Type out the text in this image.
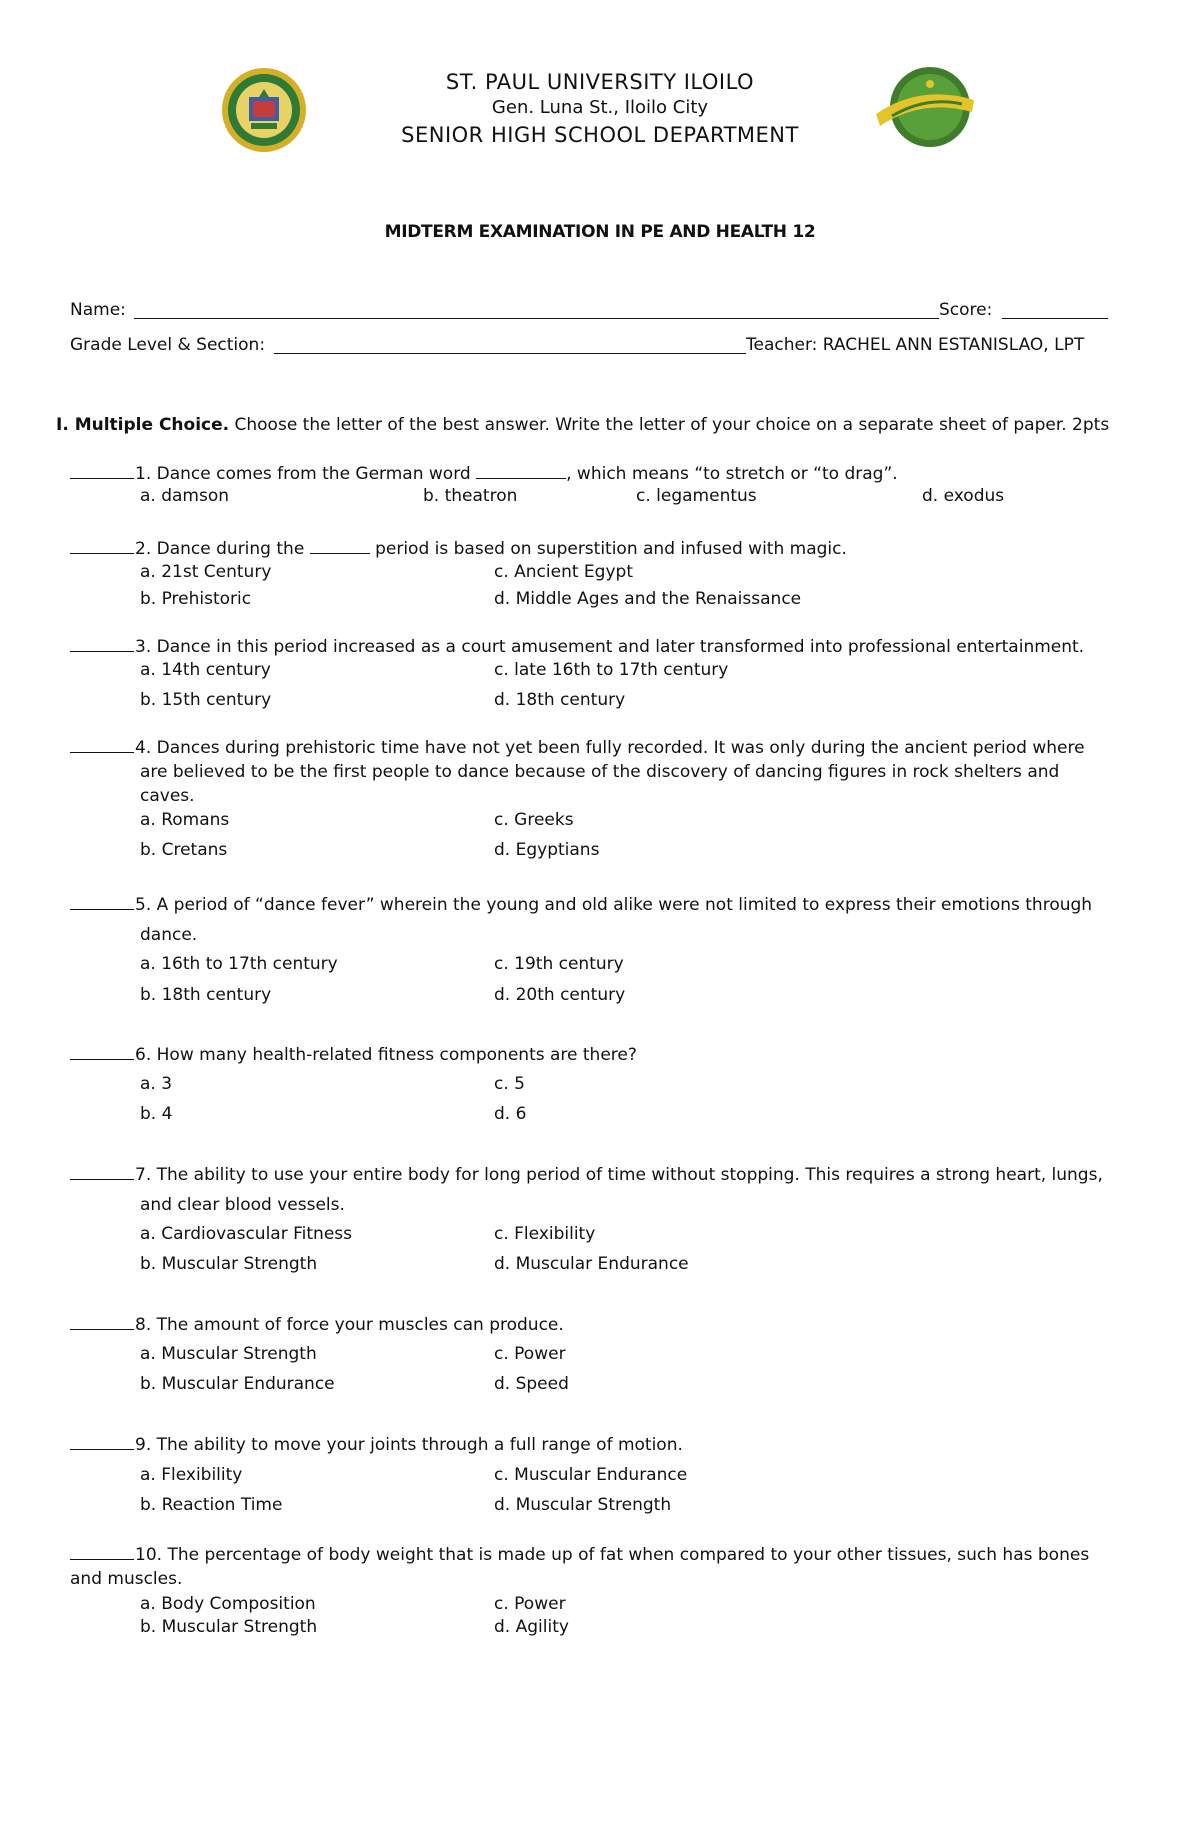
ST. PAUL UNIVERSITY ILOILO
Gen. Luna St., Iloilo City
SENIOR HIGH SCHOOL DEPARTMENT
MIDTERM EXAMINATION IN PE AND HEALTH 12
Name:	Score:
Grade Level & Section:	Teacher: RACHEL ANN ESTANISLAO, LPT
I. Multiple Choice. Choose the letter of the best answer. Write the letter of your choice on a separate sheet of paper. 2pts
1. Dance comes from the German word	, which means “to stretch or “to drag”.
a. damson	b. theatron	c. legamentus	d. exodus
2. Dance during the	period is based on superstition and infused with magic.
a. 21st Century	c. Ancient Egypt
b. Prehistoric	d. Middle Ages and the Renaissance
3. Dance in this period increased as a court amusement and later transformed into professional entertainment.
a. 14th century	c. late 16th to 17th century
b. 15th century	d. 18th century
4. Dances during prehistoric time have not yet been fully recorded. It was only during the ancient period where
are believed to be the first people to dance because of the discovery of dancing figures in rock shelters and caves.
a. Romans	c. Greeks
b. Cretans	d. Egyptians
5. A period of “dance fever” wherein the young and old alike were not limited to express their emotions through
dance.
a. 16th to 17th century	c. 19th century
b. 18th century	d. 20th century
6. How many health-related fitness components are there?
a. 3	c. 5
b. 4	d. 6
7. The ability to use your entire body for long period of time without stopping. This requires a strong heart, lungs,
and clear blood vessels.
a. Cardiovascular Fitness	c. Flexibility
b. Muscular Strength	d. Muscular Endurance
8. The amount of force your muscles can produce.
a. Muscular Strength	c. Power
b. Muscular Endurance	d. Speed
9. The ability to move your joints through a full range of motion.
a. Flexibility	c. Muscular Endurance
b. Reaction Time	d. Muscular Strength
10. The percentage of body weight that is made up of fat when compared to your other tissues, such has bones
and muscles.
a. Body Composition	c. Power
b. Muscular Strength	d. Agility
